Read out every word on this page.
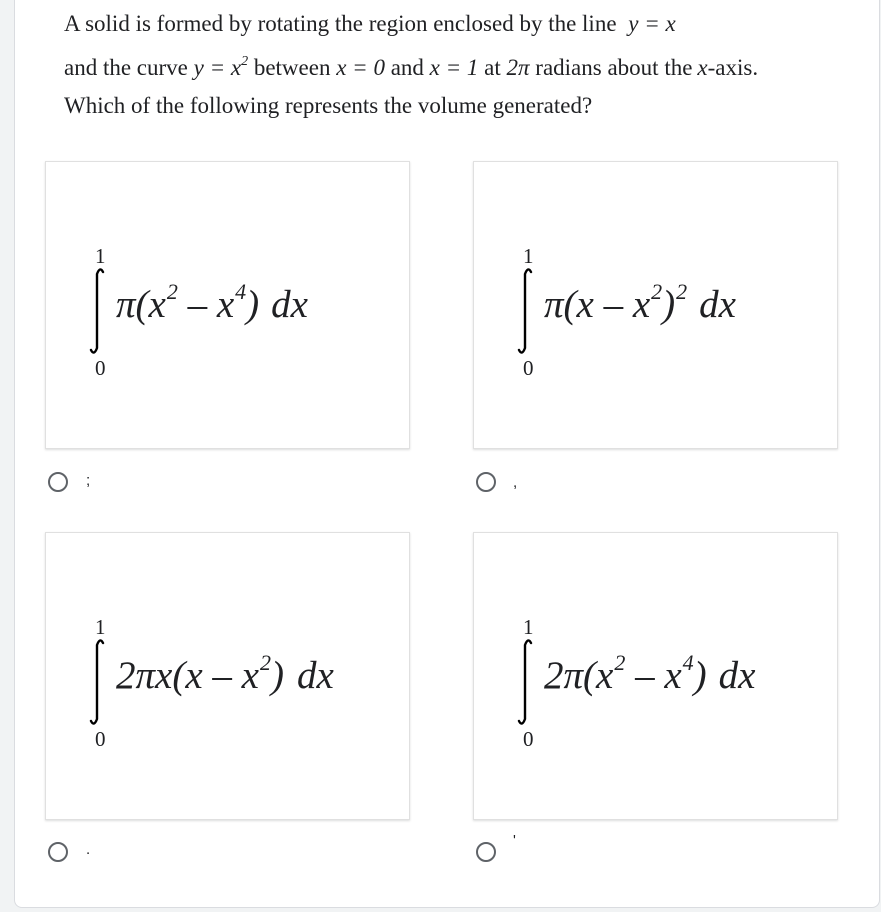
A solid is formed by rotating the region enclosed by the line y = x
and the curve $y = x^2$ between x = 0 and x = 1 at 2π radians about the x-axis.
Which of the following represents the volume generated?
1
0
$\pi(x^2 - x^4)$ dx
1
0
$\pi(x - x^2)^2$ dx
1
0
$2\pi x(x - x^2)$ dx
1
0
$2\pi(x^2 - x^4)$ dx
;	,
.
'
